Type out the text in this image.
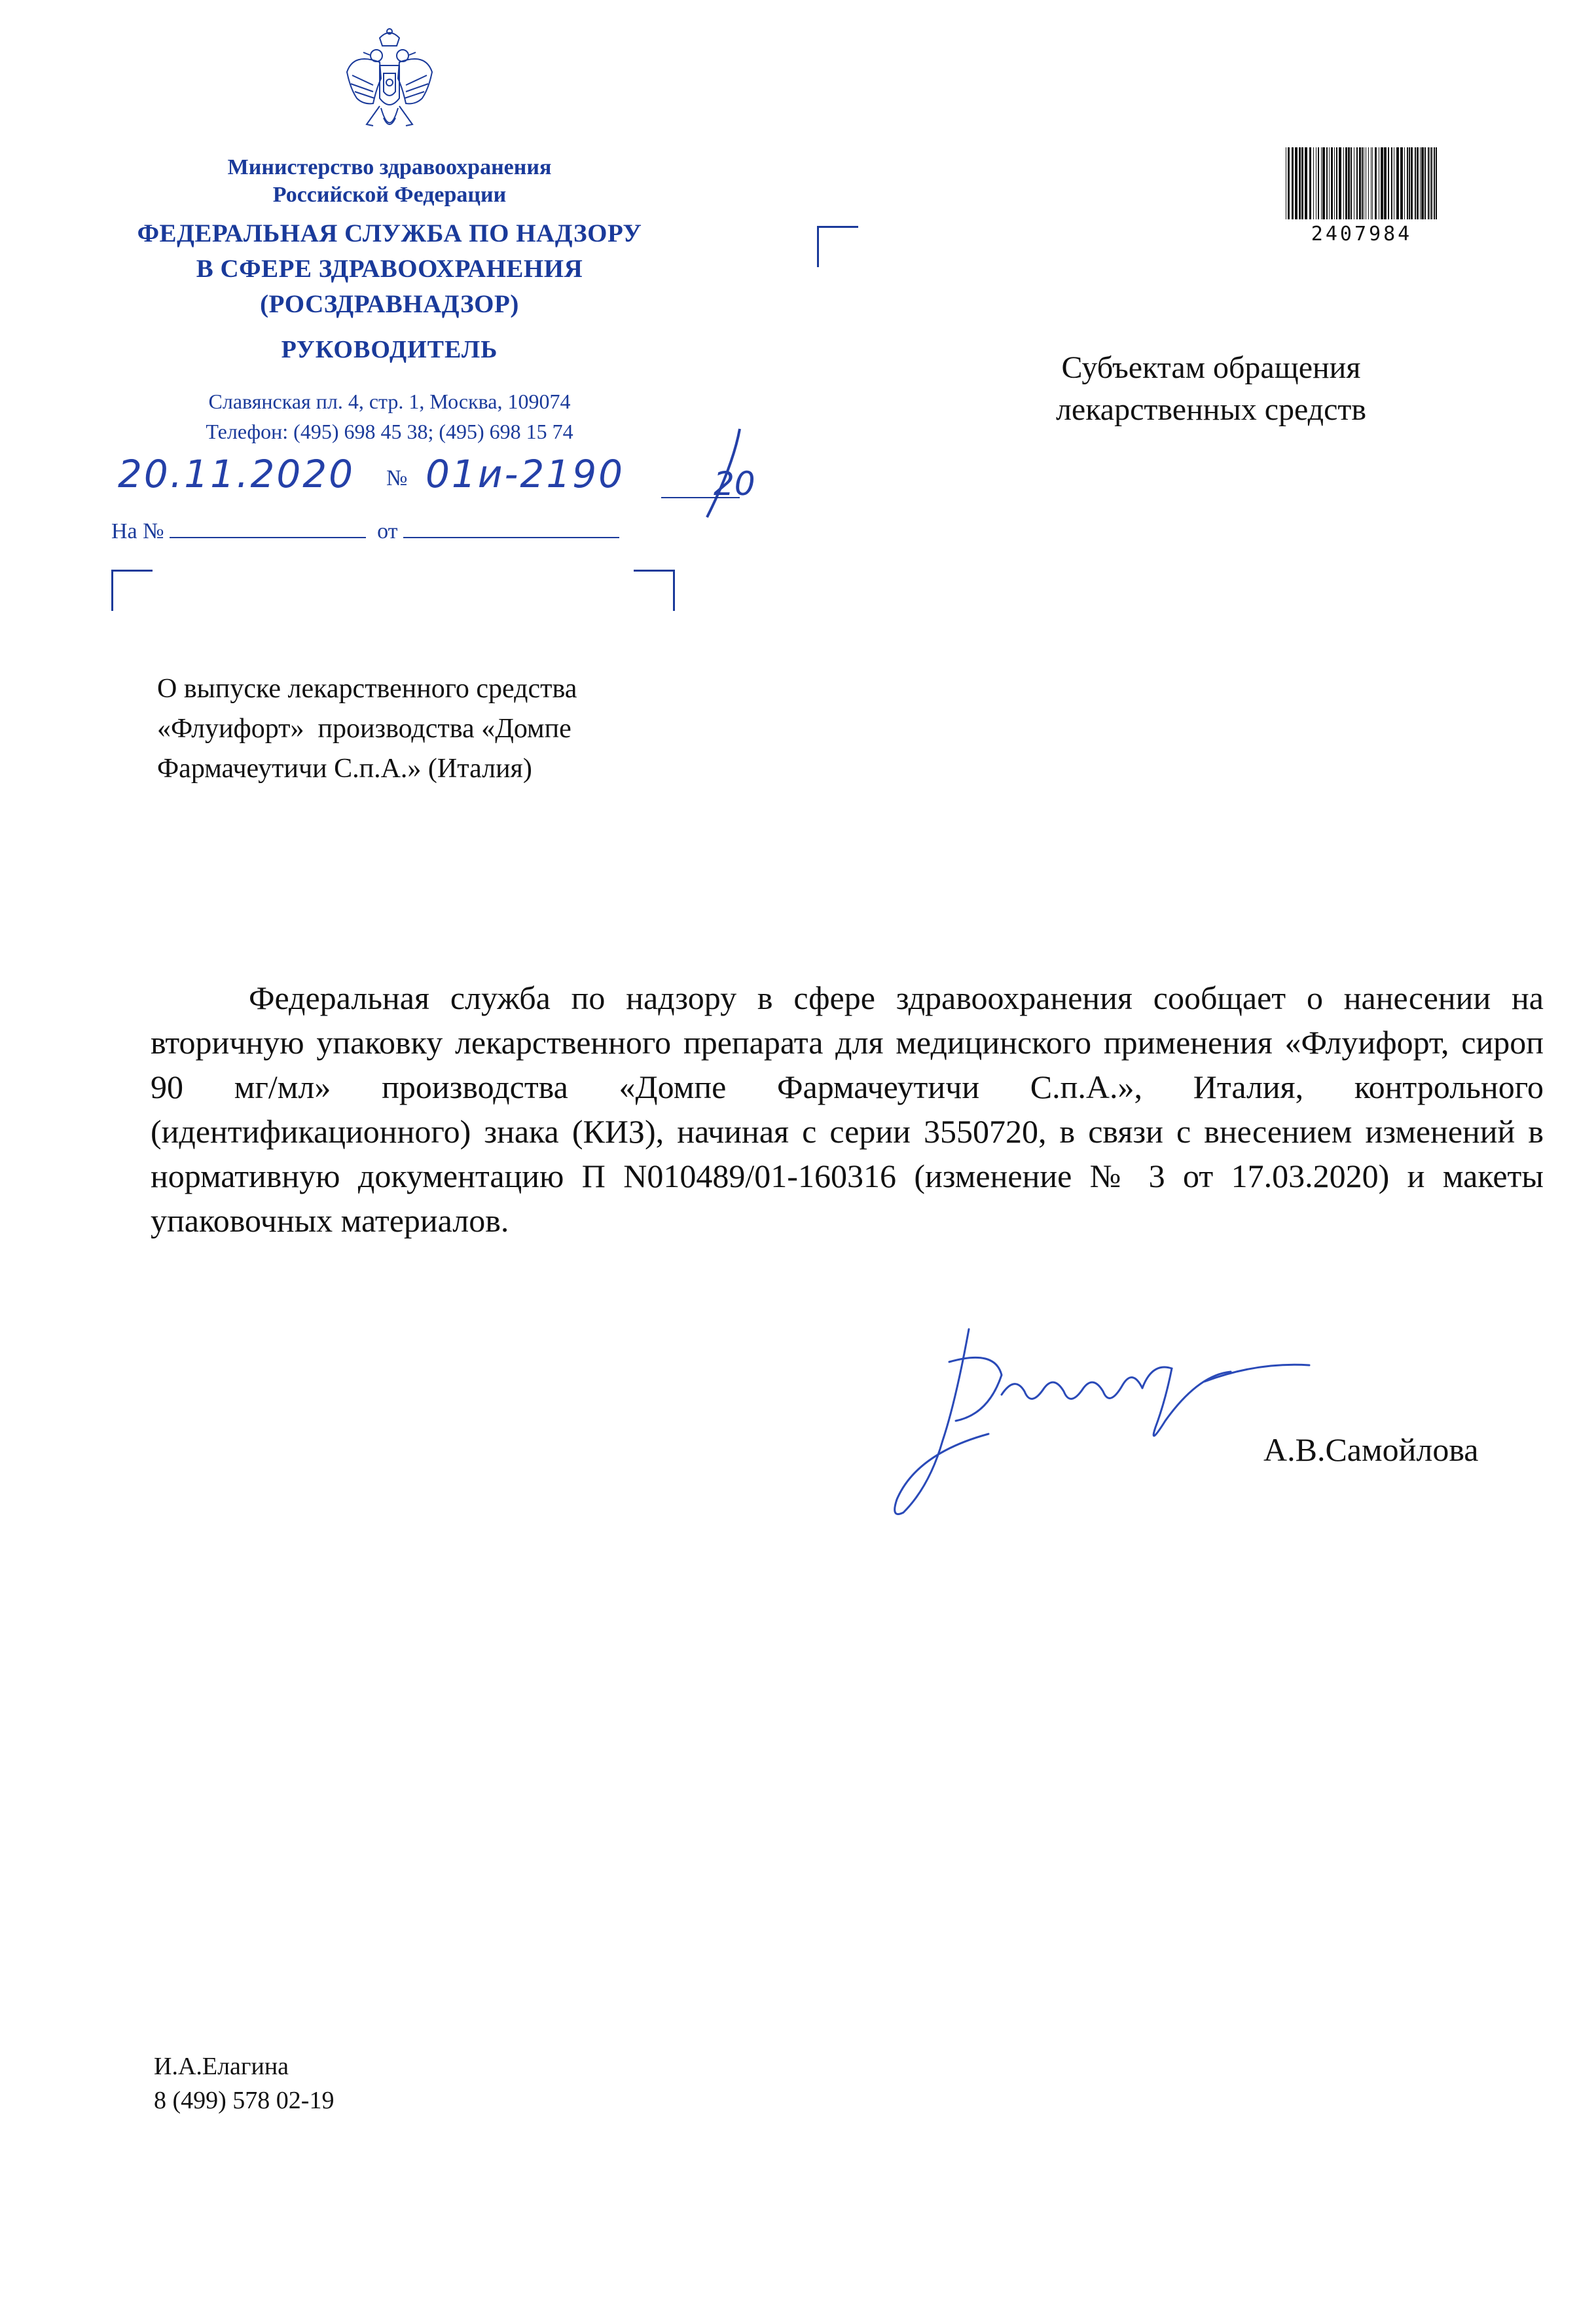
Министерство здравоохранения
Российской Федерации
ФЕДЕРАЛЬНАЯ СЛУЖБА ПО НАДЗОРУ
В СФЕРЕ ЗДРАВООХРАНЕНИЯ
(РОСЗДРАВНАДЗОР)
РУКОВОДИТЕЛЬ
Славянская пл. 4, стр. 1, Москва, 109074
Телефон: (495) 698 45 38; (495) 698 15 74
20.11.2020 № 01и-2190	20
На №	от
2407984
Субъектам обращения
лекарственных средств
О выпуске лекарственного средства
«Флуифорт»  производства «Домпе
Фармачеутичи С.п.А.» (Италия)
Федеральная служба по надзору в сфере здравоохранения сообщает о нанесении на вторичную упаковку лекарственного препарата для медицинского применения «Флуифорт, сироп 90 мг/мл» производства «Домпе Фармачеутичи С.п.А.», Италия, контрольного (идентификационного) знака (КИЗ), начиная с серии 3550720, в связи с внесением изменений в нормативную документацию П N010489/01-160316 (изменение № 3 от 17.03.2020) и макеты упаковочных материалов.
А.В.Самойлова
И.А.Елагина
8 (499) 578 02-19
